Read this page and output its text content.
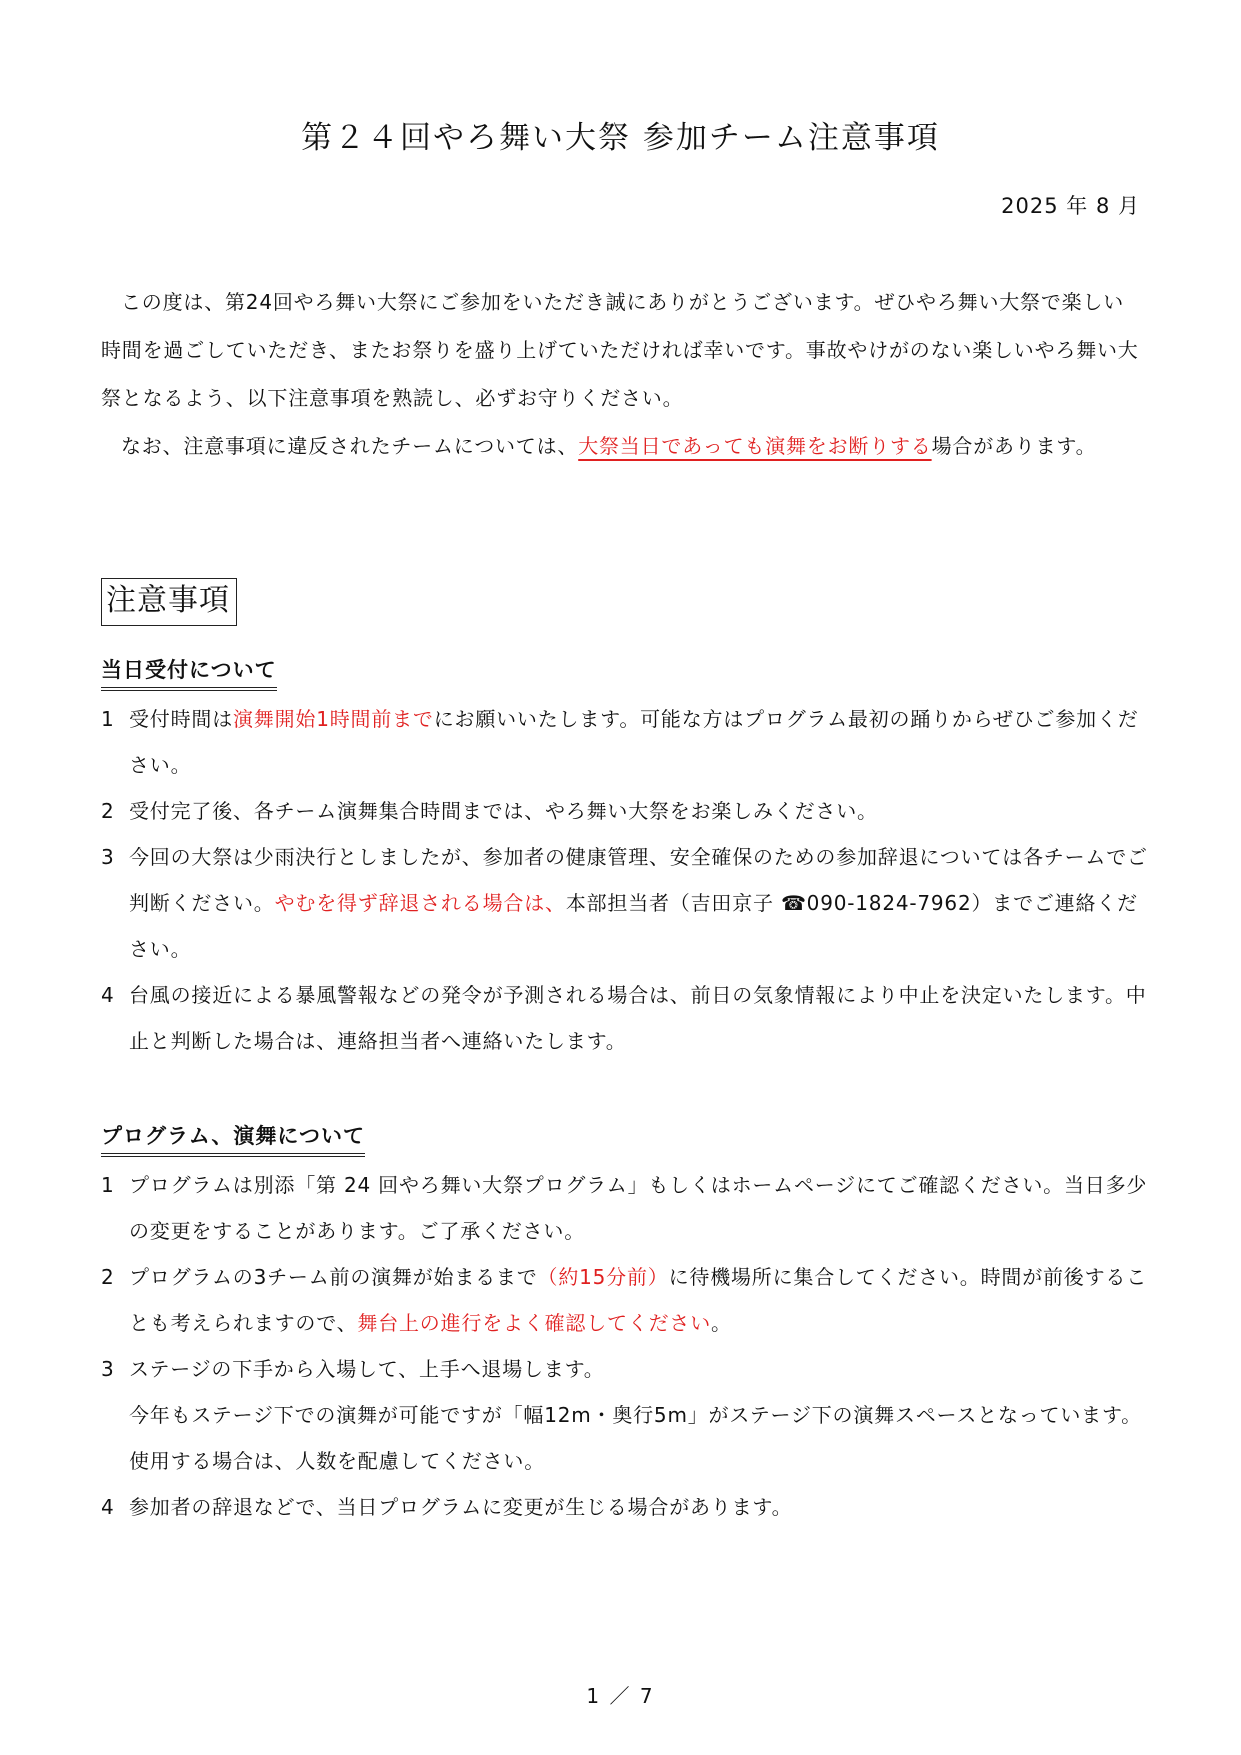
第２４回やろ舞い大祭 参加チーム注意事項
2025 年 8 月

この度は、第24回やろ舞い大祭にご参加をいただき誠にありがとうございます。ぜひやろ舞い大祭で楽しい時間を過ごしていただき、またお祭りを盛り上げていただければ幸いです。事故やけがのない楽しいやろ舞い大祭となるよう、以下注意事項を熟読し、必ずお守りください。

なお、注意事項に違反されたチームについては、大祭当日であっても演舞をお断りする場合があります。

注意事項
当日受付について
1 受付時間は演舞開始1時間前までにお願いいたします。可能な方はプログラム最初の踊りからぜひご参加ください。
2 受付完了後、各チーム演舞集合時間までは、やろ舞い大祭をお楽しみください。
3 今回の大祭は少雨決行としましたが、参加者の健康管理、安全確保のための参加辞退については各チームでご判断ください。やむを得ず辞退される場合は、本部担当者（吉田京子 ☎090-1824-7962）までご連絡ください。
4 台風の接近による暴風警報などの発令が予測される場合は、前日の気象情報により中止を決定いたします。中止と判断した場合は、連絡担当者へ連絡いたします。
プログラム、演舞について
1 プログラムは別添「第 24 回やろ舞い大祭プログラム」もしくはホームページにてご確認ください。当日多少の変更をすることがあります。ご了承ください。
2 プログラムの3チーム前の演舞が始まるまで（約15分前）に待機場所に集合してください。時間が前後することも考えられますので、舞台上の進行をよく確認してください。
3 ステージの下手から入場して、上手へ退場します。
今年もステージ下での演舞が可能ですが「幅12m・奥行5m」がステージ下の演舞スペースとなっています。使用する場合は、人数を配慮してください。
4 参加者の辞退などで、当日プログラムに変更が生じる場合があります。
1 ／ 7
